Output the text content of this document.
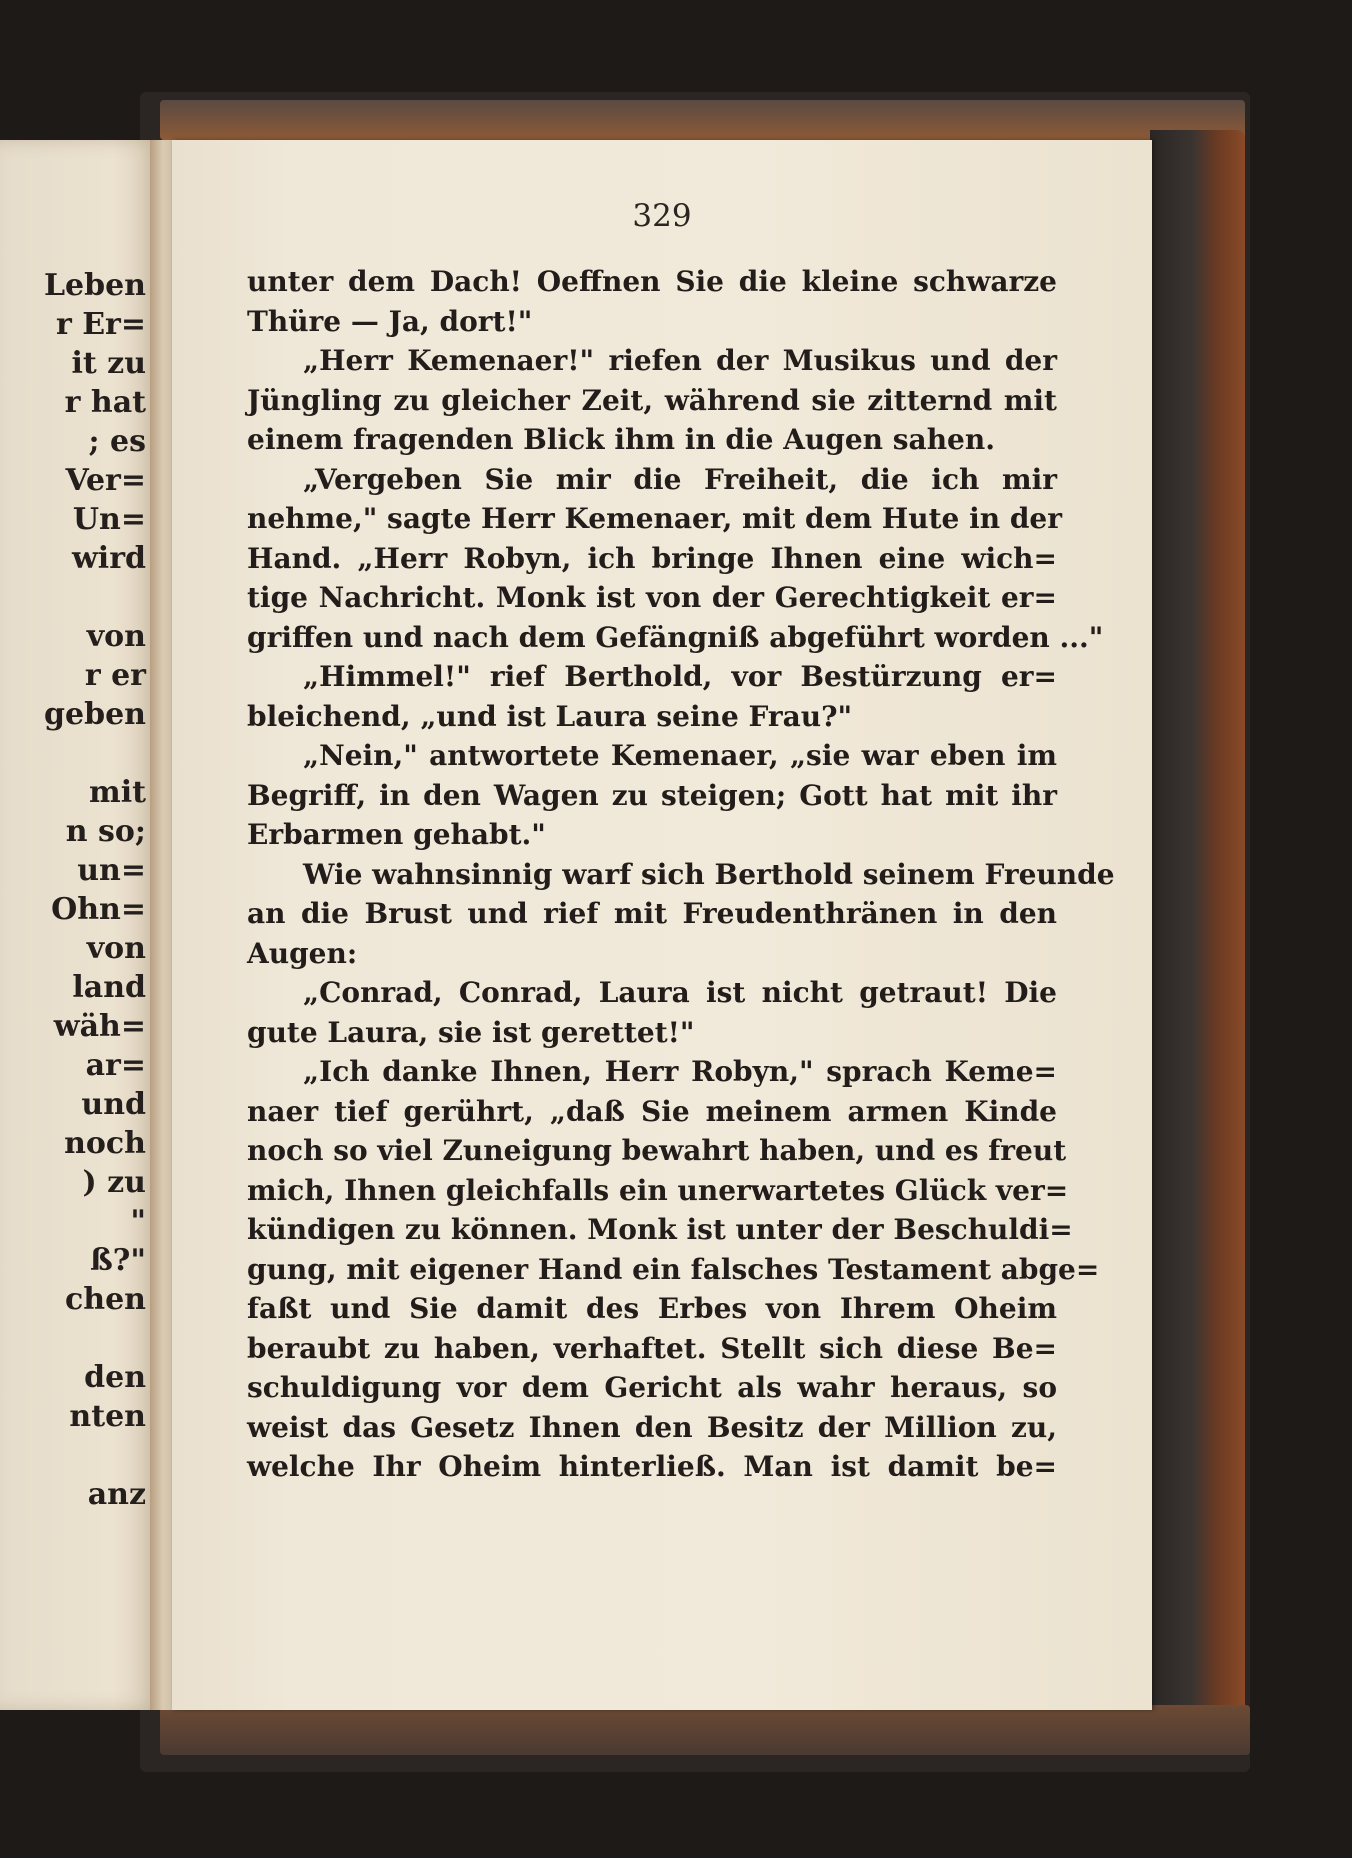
Leben
r Er=
it zu
r hat
; es
Ver=
Un=
wird
von
r er
geben
mit
n so;
un=
Ohn=
von
land
wäh=
ar=
und
noch
) zu
"
ß?"
chen
den
nten
anz
329
unter dem Dach! Oeffnen Sie die kleine schwarze
Thüre — Ja, dort!"
„Herr Kemenaer!" riefen der Musikus und der
Jüngling zu gleicher Zeit, während sie zitternd mit
einem fragenden Blick ihm in die Augen sahen.
„Vergeben Sie mir die Freiheit, die ich mir
nehme," sagte Herr Kemenaer, mit dem Hute in der
Hand. „Herr Robyn, ich bringe Ihnen eine wich=
tige Nachricht. Monk ist von der Gerechtigkeit er=
griffen und nach dem Gefängniß abgeführt worden ..."
„Himmel!" rief Berthold, vor Bestürzung er=
bleichend, „und ist Laura seine Frau?"
„Nein," antwortete Kemenaer, „sie war eben im
Begriff, in den Wagen zu steigen; Gott hat mit ihr
Erbarmen gehabt."
Wie wahnsinnig warf sich Berthold seinem Freunde
an die Brust und rief mit Freudenthränen in den
Augen:
„Conrad, Conrad, Laura ist nicht getraut! Die
gute Laura, sie ist gerettet!"
„Ich danke Ihnen, Herr Robyn," sprach Keme=
naer tief gerührt, „daß Sie meinem armen Kinde
noch so viel Zuneigung bewahrt haben, und es freut
mich, Ihnen gleichfalls ein unerwartetes Glück ver=
kündigen zu können. Monk ist unter der Beschuldi=
gung, mit eigener Hand ein falsches Testament abge=
faßt und Sie damit des Erbes von Ihrem Oheim
beraubt zu haben, verhaftet. Stellt sich diese Be=
schuldigung vor dem Gericht als wahr heraus, so
weist das Gesetz Ihnen den Besitz der Million zu,
welche Ihr Oheim hinterließ. Man ist damit be=
